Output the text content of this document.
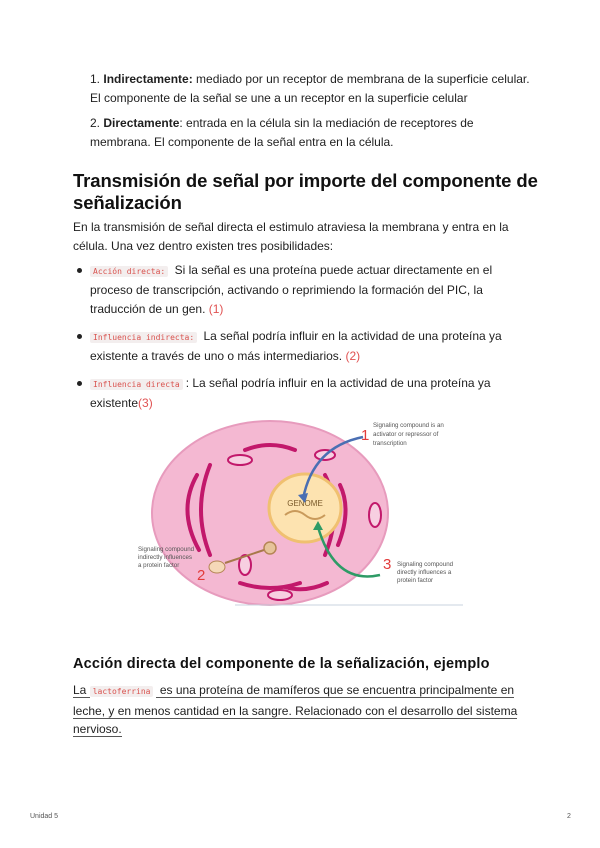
1. Indirectamente: mediado por un receptor de membrana de la superficie celular. El componente de la señal se une a un receptor en la superficie celular
2. Directamente: entrada en la célula sin la mediación de receptores de membrana. El componente de la señal entra en la célula.
Transmisión de señal por importe del componente de señalización
En la transmisión de señal directa el estimulo atraviesa la membrana y entra en la célula. Una vez dentro existen tres posibilidades:
Acción directa: Si la señal es una proteína puede actuar directamente en el proceso de transcripción, activando o reprimiendo la formación del PIC, la traducción de un gen. (1)
Influencia indirecta: La señal podría influir en la actividad de una proteína ya existente a través de uno o más intermediarios. (2)
Influencia directa : La señal podría influir en la actividad de una proteína ya existente(3)
GENOME
1
Signaling compound is an
activator or repressor of
transcription
2
Signaling compound
indirectly influences
a protein factor	3 Signaling compound
directly influences a
protein factor
Acción directa del componente de la señalización, ejemplo
La lactoferrina es una proteína de mamíferos que se encuentra principalmente en leche, y en menos cantidad en la sangre. Relacionado con el desarrollo del sistema nervioso.
Unidad 5	2
